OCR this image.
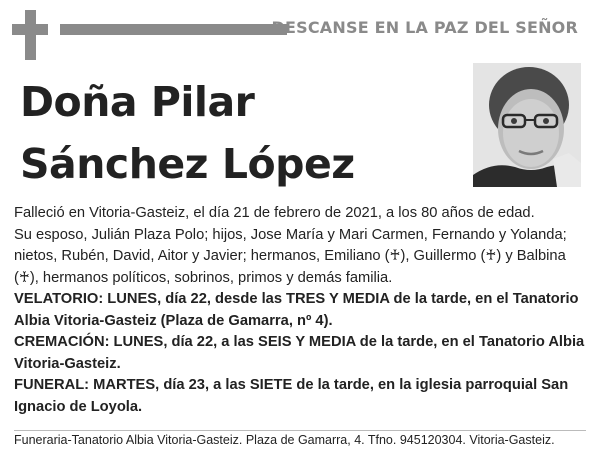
DESCANSE EN LA PAZ DEL SEÑOR
Doña Pilar
Sánchez López

Falleció en Vitoria-Gasteiz, el día 21 de febrero de 2021, a los 80 años de edad.

Su esposo, Julián Plaza Polo; hijos, Jose María y Mari Carmen, Fernando y Yolanda; nietos, Rubén, David, Aitor y Javier; hermanos, Emiliano (♰), Guillermo (♰) y Balbina (♰), hermanos políticos, sobrinos, primos y demás familia.

VELATORIO: LUNES, día 22, desde las TRES Y MEDIA de la tarde, en el Tanatorio Albia Vitoria-Gasteiz (Plaza de Gamarra, nº 4).

CREMACIÓN: LUNES, día 22, a las SEIS Y MEDIA de la tarde, en el Tanatorio Albia Vitoria-Gasteiz.

FUNERAL: MARTES, día 23, a las SIETE de la tarde, en la iglesia parroquial San Ignacio de Loyola.

Funeraria-Tanatorio Albia Vitoria-Gasteiz. Plaza de Gamarra, 4. Tfno. 945120304. Vitoria-Gasteiz.
